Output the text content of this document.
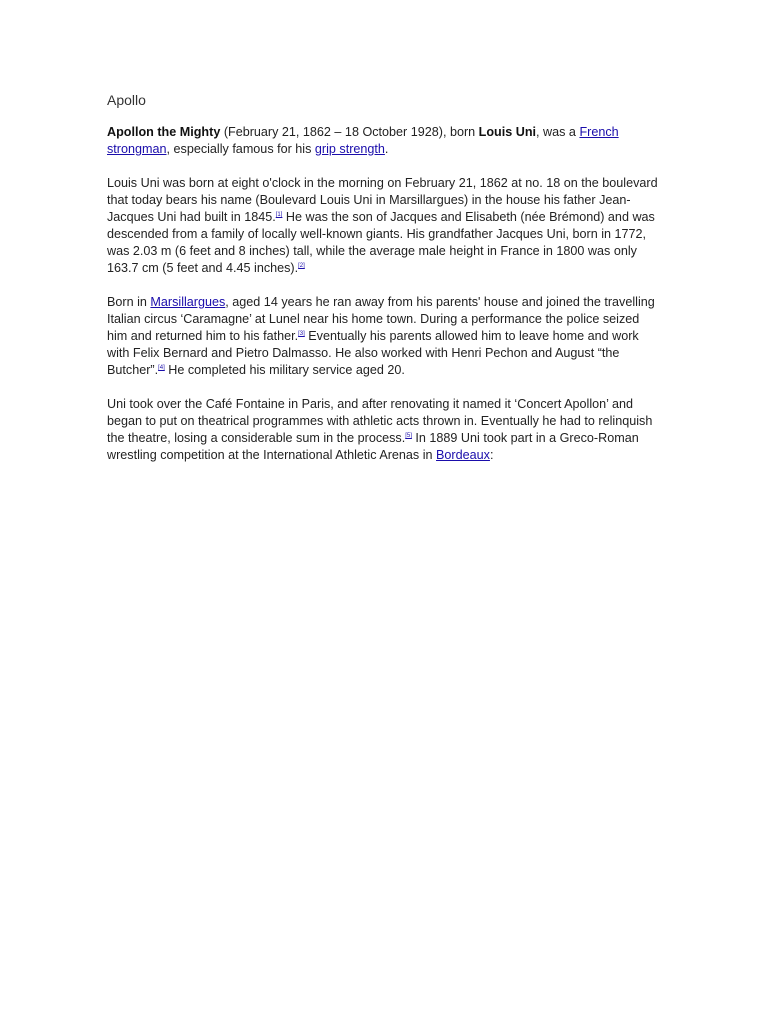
Apollo

Apollon the Mighty (February 21, 1862 – 18 October 1928), born Louis Uni, was a French strongman, especially famous for his grip strength.

Louis Uni was born at eight o'clock in the morning on February 21, 1862 at no. 18 on the boulevard that today bears his name (Boulevard Louis Uni in Marsillargues) in the house his father Jean-Jacques Uni had built in 1845.[1] He was the son of Jacques and Elisabeth (née Brémond) and was descended from a family of locally well-known giants. His grandfather Jacques Uni, born in 1772, was 2.03 m (6 feet and 8 inches) tall, while the average male height in France in 1800 was only 163.7 cm (5 feet and 4.45 inches).[2]

Born in Marsillargues, aged 14 years he ran away from his parents' house and joined the travelling Italian circus ‘Caramagne’ at Lunel near his home town. During a performance the police seized him and returned him to his father.[3] Eventually his parents allowed him to leave home and work with Felix Bernard and Pietro Dalmasso. He also worked with Henri Pechon and August “the Butcher”.[4] He completed his military service aged 20.

Uni took over the Café Fontaine in Paris, and after renovating it named it ‘Concert Apollon’ and began to put on theatrical programmes with athletic acts thrown in. Eventually he had to relinquish the theatre, losing a considerable sum in the process.[5] In 1889 Uni took part in a Greco-Roman wrestling competition at the International Athletic Arenas in Bordeaux:
